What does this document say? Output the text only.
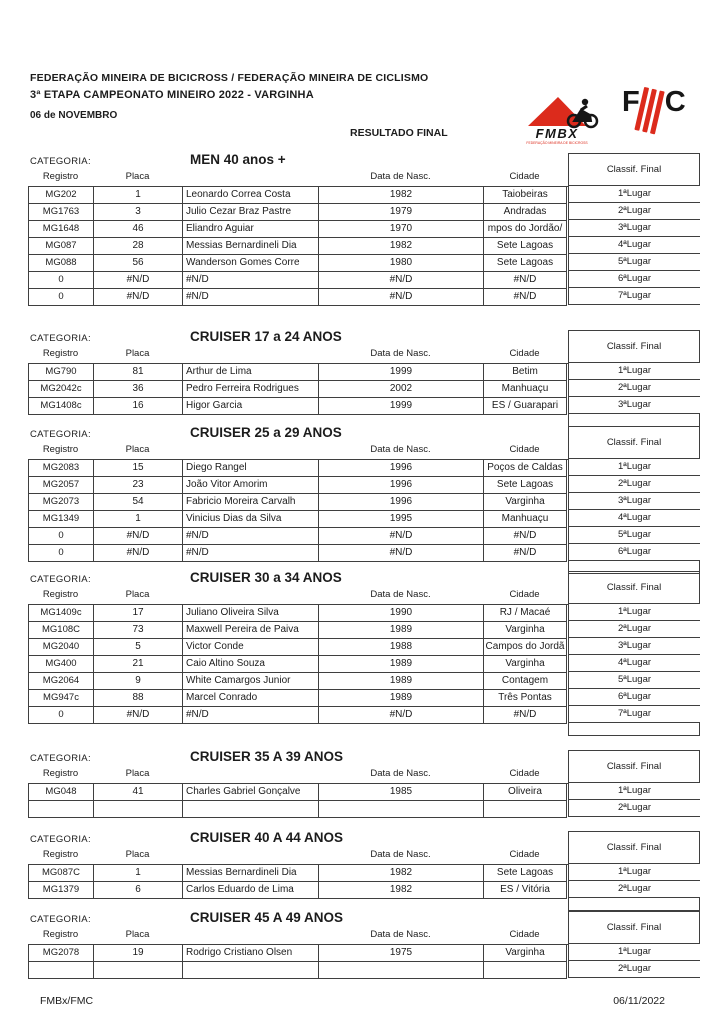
FEDERAÇÃO MINEIRA DE BICICROSS / FEDERAÇÃO MINEIRA DE CICLISMO
3ª ETAPA CAMPEONATO MINEIRO 2022 - VARGINHA
06 de NOVEMBRO
RESULTADO FINAL	FMBX
FEDERAÇÃO MINEIRA DE BICICROSS
F C
CATEGORIA:	MEN 40 anos +
Registro	Placa	Data de Nasc.	Cidade
MG202	1	Leonardo Correa Costa	1982	Taiobeiras
MG1763	3	Julio Cezar Braz Pastre	1979	Andradas
MG1648	46	Eliandro Aguiar	1970	mpos do Jordão/
MG087	28	Messias Bernardineli Dia	1982	Sete Lagoas
MG088	56	Wanderson Gomes Corre	1980	Sete Lagoas
0	#N/D	#N/D	#N/D	#N/D
0	#N/D	#N/D	#N/D	#N/D
Classif. Final
1ªLugar
2ªLugar
3ªLugar
4ªLugar
5ªLugar
6ªLugar
7ªLugar
CATEGORIA:	CRUISER 17 a 24 ANOS
Registro	Placa	Data de Nasc.	Cidade
MG790	81	Arthur de Lima	1999	Betim
MG2042c	36	Pedro Ferreira Rodrigues	2002	Manhuaçu
MG1408c	16	Higor Garcia	1999	ES / Guarapari
Classif. Final
1ªLugar
2ªLugar
3ªLugar
CATEGORIA:	CRUISER 25 a 29 ANOS
Registro	Placa	Data de Nasc.	Cidade
MG2083	15	Diego Rangel	1996	Poços de Caldas
MG2057	23	João Vitor Amorim	1996	Sete Lagoas
MG2073	54	Fabricio Moreira Carvalh	1996	Varginha
MG1349	1	Vinicius Dias da Silva	1995	Manhuaçu
0	#N/D	#N/D	#N/D	#N/D
0	#N/D	#N/D	#N/D	#N/D
Classif. Final
1ªLugar
2ªLugar
3ªLugar
4ªLugar
5ªLugar
6ªLugar
CATEGORIA:	CRUISER 30 a 34 ANOS
Registro	Placa	Data de Nasc.	Cidade
MG1409c	17	Juliano Oliveira Silva	1990	RJ / Macaé
MG108C	73	Maxwell Pereira de Paiva	1989	Varginha
MG2040	5	Victor Conde	1988	Campos do Jordã
MG400	21	Caio Altino Souza	1989	Varginha
MG2064	9	White Camargos Junior	1989	Contagem
MG947c	88	Marcel Conrado	1989	Três Pontas
0	#N/D	#N/D	#N/D	#N/D
Classif. Final
1ªLugar
2ªLugar
3ªLugar
4ªLugar
5ªLugar
6ªLugar
7ªLugar
CATEGORIA:	CRUISER 35 A 39 ANOS
Registro	Placa	Data de Nasc.	Cidade
MG048	41	Charles Gabriel Gonçalve	1985	Oliveira
Classif. Final
1ªLugar
2ªLugar
CATEGORIA:	CRUISER 40 A 44 ANOS
Registro	Placa	Data de Nasc.	Cidade
MG087C	1	Messias Bernardineli Dia	1982	Sete Lagoas
MG1379	6	Carlos Eduardo de Lima	1982	ES / Vitória
Classif. Final
1ªLugar
2ªLugar
CATEGORIA:	CRUISER 45 A 49 ANOS
Registro	Placa	Data de Nasc.	Cidade
MG2078	19	Rodrigo Cristiano Olsen	1975	Varginha
Classif. Final
1ªLugar
2ªLugar
FMBx/FMC	06/11/2022
